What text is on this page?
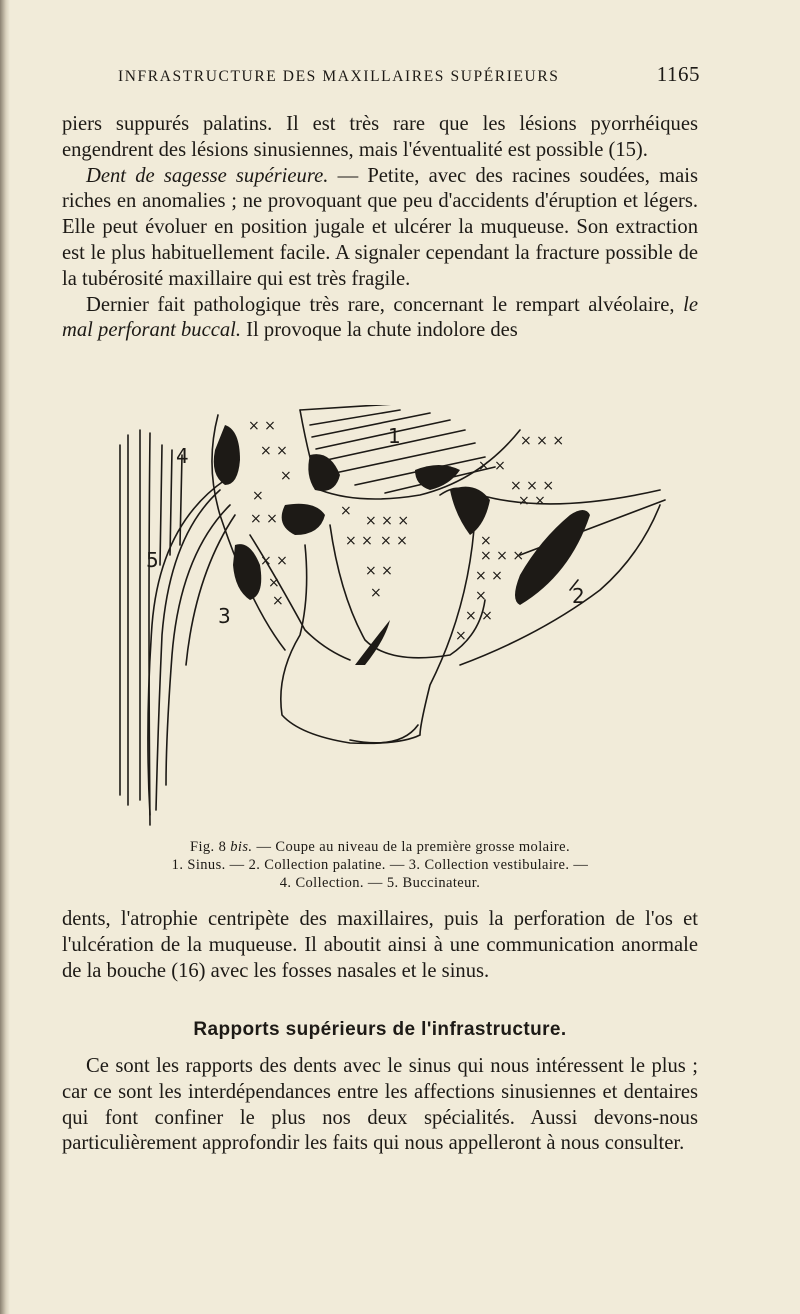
INFRASTRUCTURE DES MAXILLAIRES SUPÉRIEURS	1165

piers suppurés palatins. Il est très rare que les lésions pyorrhéiques engendrent des lésions sinusiennes, mais l'éventualité est possible (15).

Dent de sagesse supérieure. — Petite, avec des racines soudées, mais riches en anomalies ; ne provoquant que peu d'accidents d'éruption et légers. Elle peut évoluer en position jugale et ulcérer la muqueuse. Son extraction est le plus habituellement facile. A signaler cependant la fracture possible de la tubérosité maxillaire qui est très fragile.

Dernier fait pathologique très rare, concernant le rempart alvéolaire, le mal perforant buccal. Il provoque la chute indolore des

× ×
× ×
×
×
× ×
× ×
×
×
×
× × ×
× × × ×
× ×
×
× × ×
× ×
× × ×
× ×
×
× × ×
× ×
×
× ×
×
1
2
3
4
5
Fig. 8 bis. — Coupe au niveau de la première grosse molaire.
1. Sinus. — 2. Collection palatine. — 3. Collection vestibulaire. —
4. Collection. — 5. Buccinateur.

dents, l'atrophie centripète des maxillaires, puis la perforation de l'os et l'ulcération de la muqueuse. Il aboutit ainsi à une communication anormale de la bouche (16) avec les fosses nasales et le sinus.

Rapports supérieurs de l'infrastructure.

Ce sont les rapports des dents avec le sinus qui nous intéressent le plus ; car ce sont les interdépendances entre les affections sinusiennes et dentaires qui font confiner le plus nos deux spécialités. Aussi devons-nous particulièrement approfondir les faits qui nous appelleront à nous consulter.
